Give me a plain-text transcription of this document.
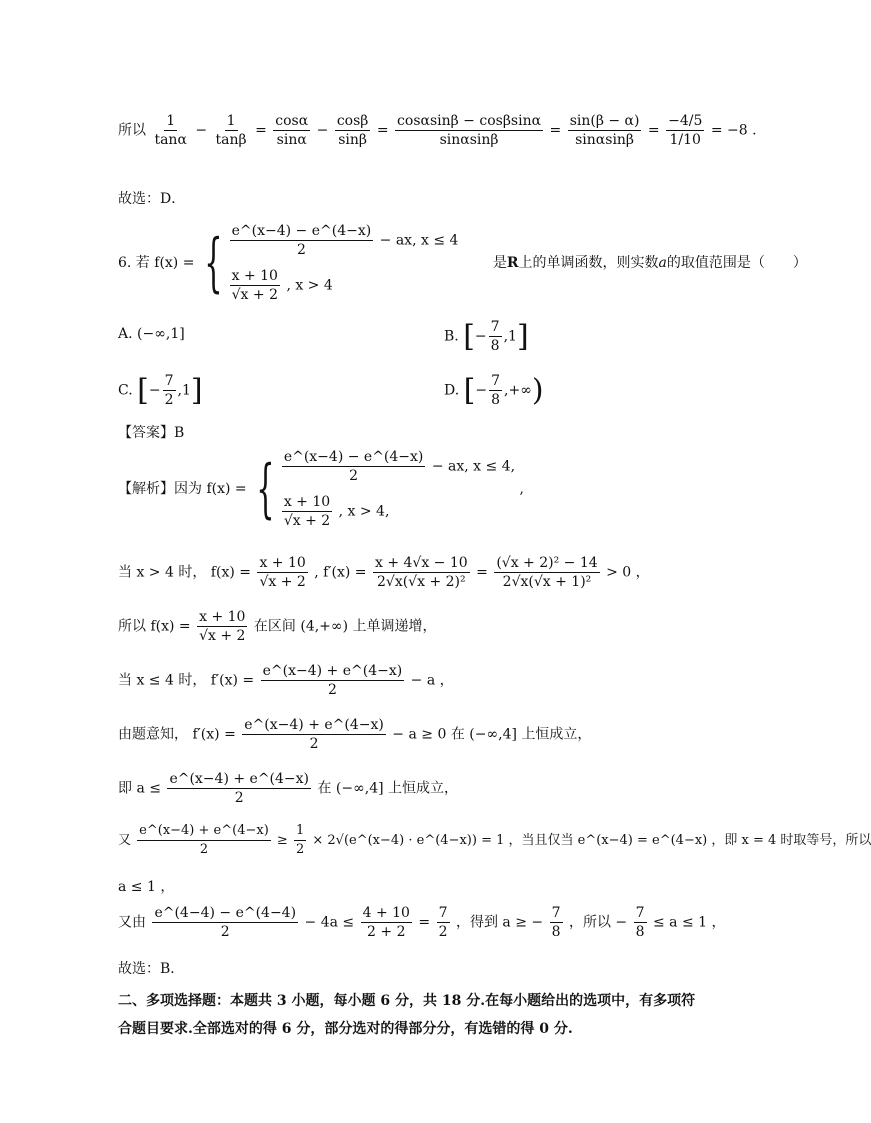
所以 $\frac{1}{\tan\alpha} - \frac{1}{\tan\beta} = \frac{\cos\alpha}{\sin\alpha} - \frac{\cos\beta}{\sin\beta} = \frac{\cos\alpha\sin\beta - \cos\beta\sin\alpha}{\sin\alpha\sin\beta} = \frac{\sin(\beta - \alpha)}{\sin\alpha\sin\beta} = \frac{-4/5}{1/10} = -8$ .
故选：D．
6. 若 f(x) = { $\frac{e\^{}(x-4) - e\^{}(4-x)}{2}$ − ax, x ≤ 4
$\frac{x + 10}{√x + 2}$ , x > 4
是R上的单调函数，则实数a的取值范围是（　　）
A. (−∞,1]	B. [− $\frac{7}{8} ,1$]
C. [− $\frac{7}{2} ,1$]	D. [− $\frac{7}{8}$ ,+∞)
【答案】B
【解析】因为 f(x) = { $\frac{e\^{}(x-4) - e\^{}(4-x)}{2}$ − ax, x ≤ 4,
$\frac{x + 10}{√x + 2}$ , x > 4,
,
当 x > 4 时， $f(x) = \frac{x + 10}{√x + 2}$ , $f'(x) = \frac{x + 4√x - 10}{\text{2√x(√x + 2)²}} = \frac{\text{(√x + 2)² − 14}}{\text{2√x(√x + 1)²}} > 0$ ，
所以 $f(x) = \frac{x + 10}{√x + 2}$ 在区间 (4,+∞) 上单调递增，
当 x ≤ 4 时， $f'(x) = \frac{e\^{}(x-4) + e\^{}(4-x)}{2} - a$ ，
由题意知， $f'(x) = \frac{e\^{}(x-4) + e\^{}(4-x)}{2} - a \ge 0$ 在 (−∞,4] 上恒成立，
即 $a \le \frac{e\^{}(x-4) + e\^{}(4-x)}{2}$ 在 (−∞,4] 上恒成立，
又 $\frac{e\^{}(x-4) + e\^{}(4-x)}{2} \ge \frac{1}{2}$ × 2√(e^(x−4) · e^(4−x)) = 1 ，当且仅当 e^(x−4) = e^(4−x) ，即 x = 4 时取等号，所以
a ≤ 1 ，
又由 $\frac{e\^{}(4-4) - e\^{}(4-4)}{2} - 4a \le \frac{4 + 10}{2 + 2} = \frac{7}{2}$ ，得到 a ≥ − $\frac{7}{8}$ ，所以 − $\frac{7}{8} \le a \le 1$ ，
故选：B．
二、多项选择题：本题共 3 小题，每小题 6 分，共 18 分.在每小题给出的选项中，有多项符
合题目要求.全部选对的得 6 分，部分选对的得部分分，有选错的得 0 分.
